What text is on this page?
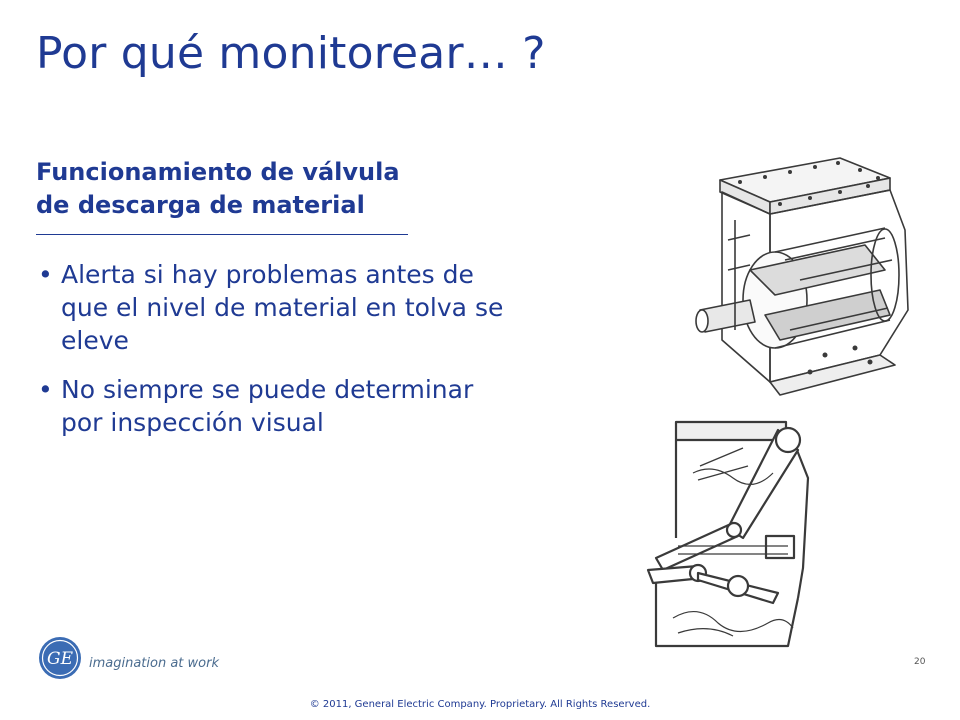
Por qué monitorear… ?
Funcionamiento de válvula
de descarga de material
• Alerta si hay problemas antes de que el nivel de material en tolva se eleve
• No siempre se puede determinar por inspección visual
GE imagination at work	20
© 2011, General Electric Company. Proprietary. All Rights Reserved.
